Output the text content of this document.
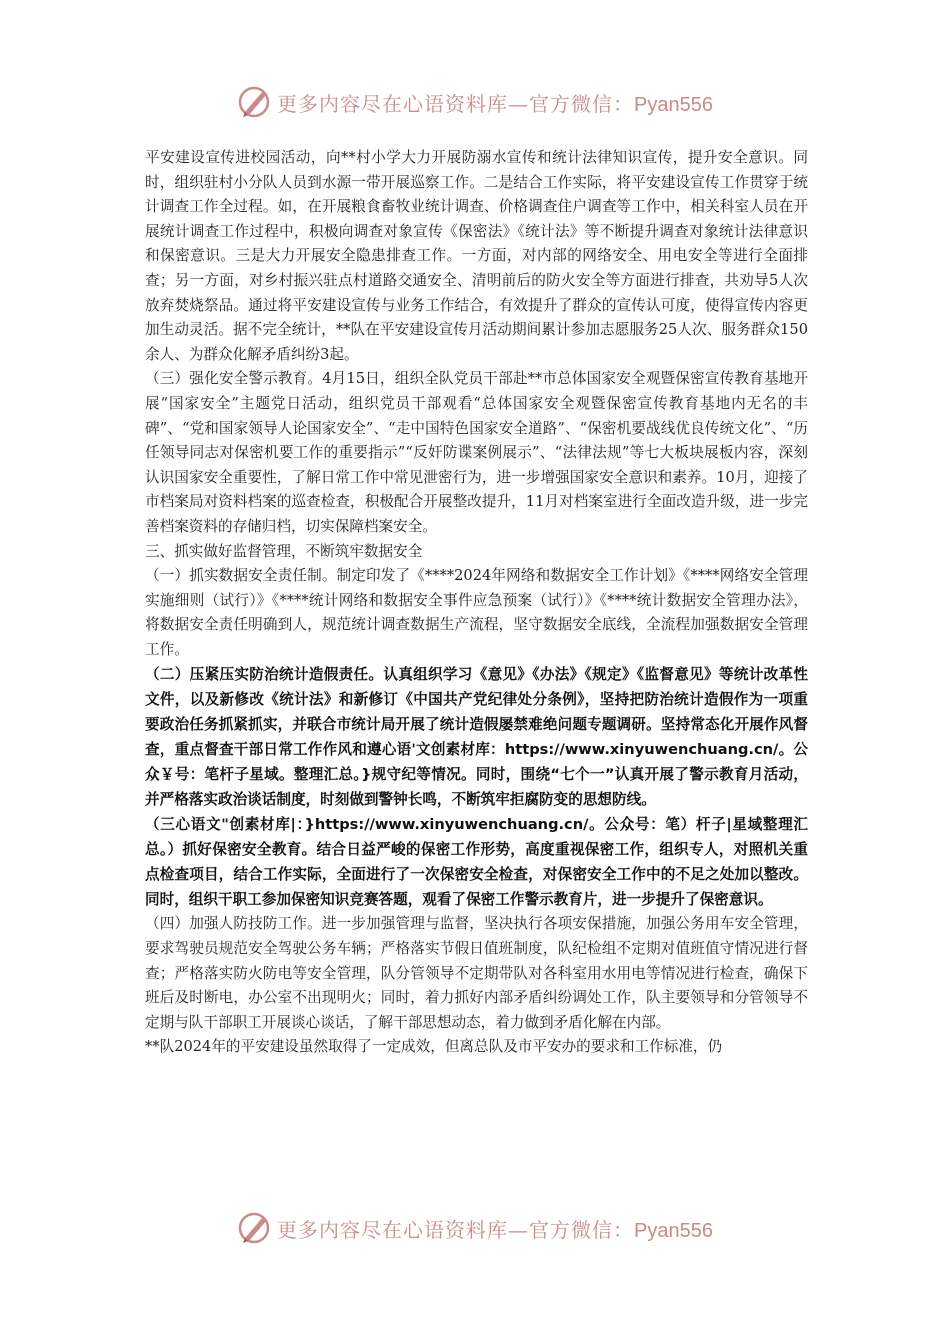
更多内容尽在心语资料库—官方微信：Pyan556

平安建设宣传进校园活动，向**村小学大力开展防溺水宣传和统计法律知识宣传，提升安全意识。同时，组织驻村小分队人员到水源一带开展巡察工作。二是结合工作实际，将平安建设宣传工作贯穿于统计调查工作全过程。如，在开展粮食畜牧业统计调查、价格调查住户调查等工作中，相关科室人员在开展统计调查工作过程中，积极向调查对象宣传《保密法》《统计法》等不断提升调查对象统计法律意识和保密意识。三是大力开展安全隐患排查工作。一方面，对内部的网络安全、用电安全等进行全面排查；另一方面，对乡村振兴驻点村道路交通安全、清明前后的防火安全等方面进行排查，共劝导5人次放弃焚烧祭品。通过将平安建设宣传与业务工作结合，有效提升了群众的宣传认可度，使得宣传内容更加生动灵活。据不完全统计，**队在平安建设宣传月活动期间累计参加志愿服务25人次、服务群众150余人、为群众化解矛盾纠纷3起。

（三）强化安全警示教育。4月15日，组织全队党员干部赴**市总体国家安全观暨保密宣传教育基地开展“国家安全”主题党日活动，组织党员干部观看“总体国家安全观暨保密宣传教育基地内无名的丰碑”、“党和国家领导人论国家安全”、“走中国特色国家安全道路”、“保密机要战线优良传统文化”、“历任领导同志对保密机要工作的重要指示”“反奸防谍案例展示”、“法律法规”等七大板块展板内容，深刻认识国家安全重要性，了解日常工作中常见泄密行为，进一步增强国家安全意识和素养。10月，迎接了市档案局对资料档案的巡查检查，积极配合开展整改提升，11月对档案室进行全面改造升级，进一步完善档案资料的存储归档，切实保障档案安全。

三、抓实做好监督管理，不断筑牢数据安全

（一）抓实数据安全责任制。制定印发了《****2024年网络和数据安全工作计划》《****网络安全管理实施细则（试行）》《****统计网络和数据安全事件应急预案（试行）》《****统计数据安全管理办法》，将数据安全责任明确到人，规范统计调查数据生产流程，坚守数据安全底线，全流程加强数据安全管理工作。

（二）压紧压实防治统计造假责任。认真组织学习《意见》《办法》《规定》《监督意见》等统计改革性文件，以及新修改《统计法》和新修订《中国共产党纪律处分条例》，坚持把防治统计造假作为一项重要政治任务抓紧抓实，并联合市统计局开展了统计造假屡禁难绝问题专题调研。坚持常态化开展作风督查，重点督查干部日常工作作风和遵心语'文创素材库：https://www.xinyuwenchuang.cn/。公众￥号：笔杆子星域。整理汇总。}规守纪等情况。同时，围绕“七个一”认真开展了警示教育月活动，并严格落实政治谈话制度，时刻做到警钟长鸣，不断筑牢拒腐防变的思想防线。

（三心语文"创素材库|：}https://www.xinyuwenchuang.cn/。公众号：笔）杆子|星域整理汇总。）抓好保密安全教育。结合日益严峻的保密工作形势，高度重视保密工作，组织专人，对照机关重点检查项目，结合工作实际，全面进行了一次保密安全检查，对保密安全工作中的不足之处加以整改。同时，组织干职工参加保密知识竞赛答题，观看了保密工作警示教育片，进一步提升了保密意识。

（四）加强人防技防工作。进一步加强管理与监督，坚决执行各项安保措施，加强公务用车安全管理，要求驾驶员规范安全驾驶公务车辆；严格落实节假日值班制度，队纪检组不定期对值班值守情况进行督查；严格落实防火防电等安全管理，队分管领导不定期带队对各科室用水用电等情况进行检查，确保下班后及时断电，办公室不出现明火；同时，着力抓好内部矛盾纠纷调处工作，队主要领导和分管领导不定期与队干部职工开展谈心谈话，了解干部思想动态，着力做到矛盾化解在内部。

**队2024年的平安建设虽然取得了一定成效，但离总队及市平安办的要求和工作标准，仍

更多内容尽在心语资料库—官方微信：Pyan556
